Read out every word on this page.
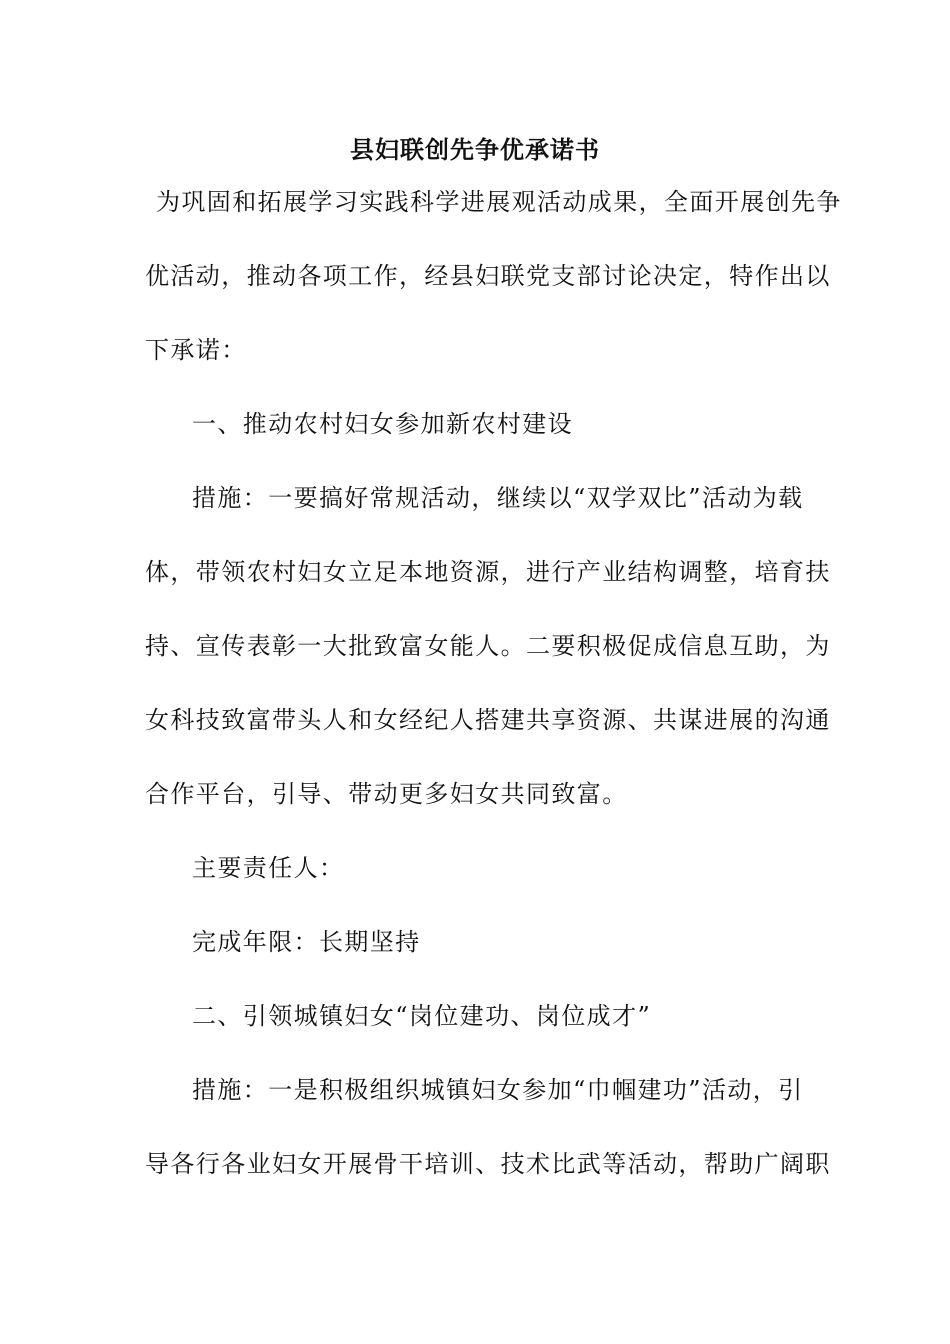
县妇联创先争优承诺书
为巩固和拓展学习实践科学进展观活动成果，全面开展创先争
优活动，推动各项工作，经县妇联党支部讨论决定，特作出以
下承诺：
一、推动农村妇女参加新农村建设
措施：一要搞好常规活动，继续以“双学双比”活动为载
体，带领农村妇女立足本地资源，进行产业结构调整，培育扶
持、宣传表彰一大批致富女能人。二要积极促成信息互助，为
女科技致富带头人和女经纪人搭建共享资源、共谋进展的沟通
合作平台，引导、带动更多妇女共同致富。
主要责任人：
完成年限：长期坚持
二、引领城镇妇女“岗位建功、岗位成才”
措施：一是积极组织城镇妇女参加“巾帼建功”活动，引
导各行各业妇女开展骨干培训、技术比武等活动，帮助广阔职
